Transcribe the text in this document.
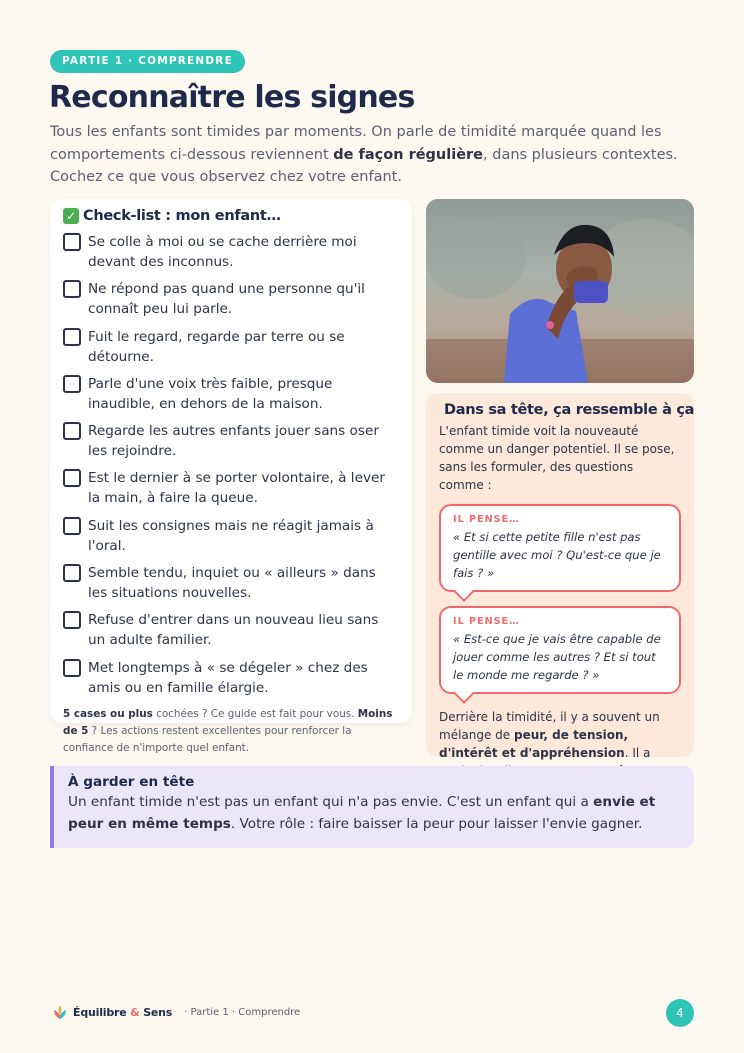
PARTIE 1 · COMPRENDRE
Reconnaître les signes

Tous les enfants sont timides par moments. On parle de timidité marquée quand les comportements ci-dessous reviennent de façon régulière, dans plusieurs contextes. Cochez ce que vous observez chez votre enfant.

✓ Check-list : mon enfant…
Se colle à moi ou se cache derrière moi devant des inconnus.
Ne répond pas quand une personne qu'il connaît peu lui parle.
Fuit le regard, regarde par terre ou se détourne.
Parle d'une voix très faible, presque inaudible, en dehors de la maison.
Regarde les autres enfants jouer sans oser les rejoindre.
Est le dernier à se porter volontaire, à lever la main, à faire la queue.
Suit les consignes mais ne réagit jamais à l'oral.
Semble tendu, inquiet ou « ailleurs » dans les situations nouvelles.
Refuse d'entrer dans un nouveau lieu sans un adulte familier.
Met longtemps à « se dégeler » chez des amis ou en famille élargie.
5 cases ou plus cochées ? Ce guide est fait pour vous. Moins de 5 ? Les actions restent excellentes pour renforcer la confiance de n'importe quel enfant.
Dans sa tête, ça ressemble à ça

L'enfant timide voit la nouveauté comme un danger potentiel. Il se pose, sans les formuler, des questions comme :

IL PENSE…
« Et si cette petite fille n'est pas gentille avec moi ? Qu'est-ce que je fais ? »
IL PENSE…
« Est-ce que je vais être capable de jouer comme les autres ? Et si tout le monde me regarde ? »

Derrière la timidité, il y a souvent un mélange de peur, de tension, d'intérêt et d'appréhension. Il a

À garder en tête

Un enfant timide n'est pas un enfant qui n'a pas envie. C'est un enfant qui a envie et peur en même temps. Votre rôle : faire baisser la peur pour laisser l'envie gagner.

Équilibre & Sens · Partie 1 · Comprendre	4
